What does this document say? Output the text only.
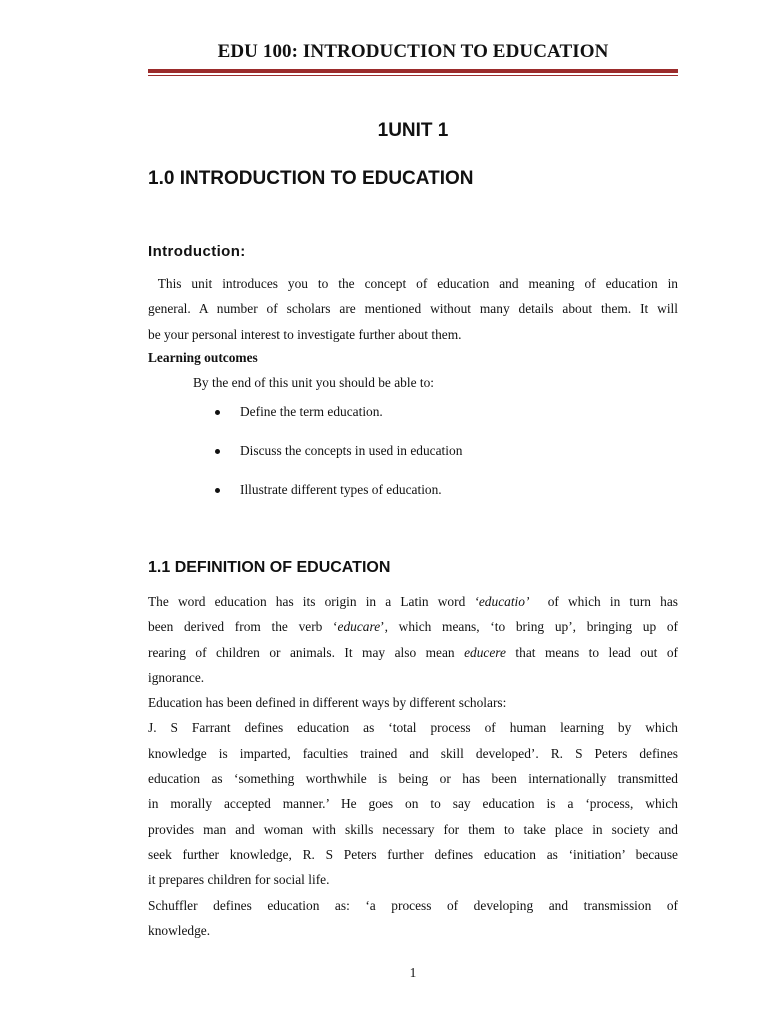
EDU 100: INTRODUCTION TO EDUCATION
1UNIT 1
1.0 INTRODUCTION TO EDUCATION
Introduction:

This unit introduces you to the concept of education and meaning of education in
general. A number of scholars are mentioned without many details about them. It will
be your personal interest to investigate further about them.

Learning outcomes
By the end of this unit you should be able to:
Define the term education.
Discuss the concepts in used in education
Illustrate different types of education.
1.1 DEFINITION OF EDUCATION

The word education has its origin in a Latin word ‘educatio’  of which in turn has
been derived from the verb ‘educare’, which means, ‘to bring up’, bringing up of
rearing of children or animals. It may also mean educere that means to lead out of
ignorance.
Education has been defined in different ways by different scholars:
J. S Farrant defines education as ‘total process of human learning by which
knowledge is imparted, faculties trained and skill developed’. R. S Peters defines
education as ‘something worthwhile is being or has been internationally transmitted
in morally accepted manner.’ He goes on to say education is a ‘process, which
provides man and woman with skills necessary for them to take place in society and
seek further knowledge, R. S Peters further defines education as ‘initiation’ because
it prepares children for social life.
Schuffler defines education as: ‘a process of developing and transmission of
knowledge.

1
